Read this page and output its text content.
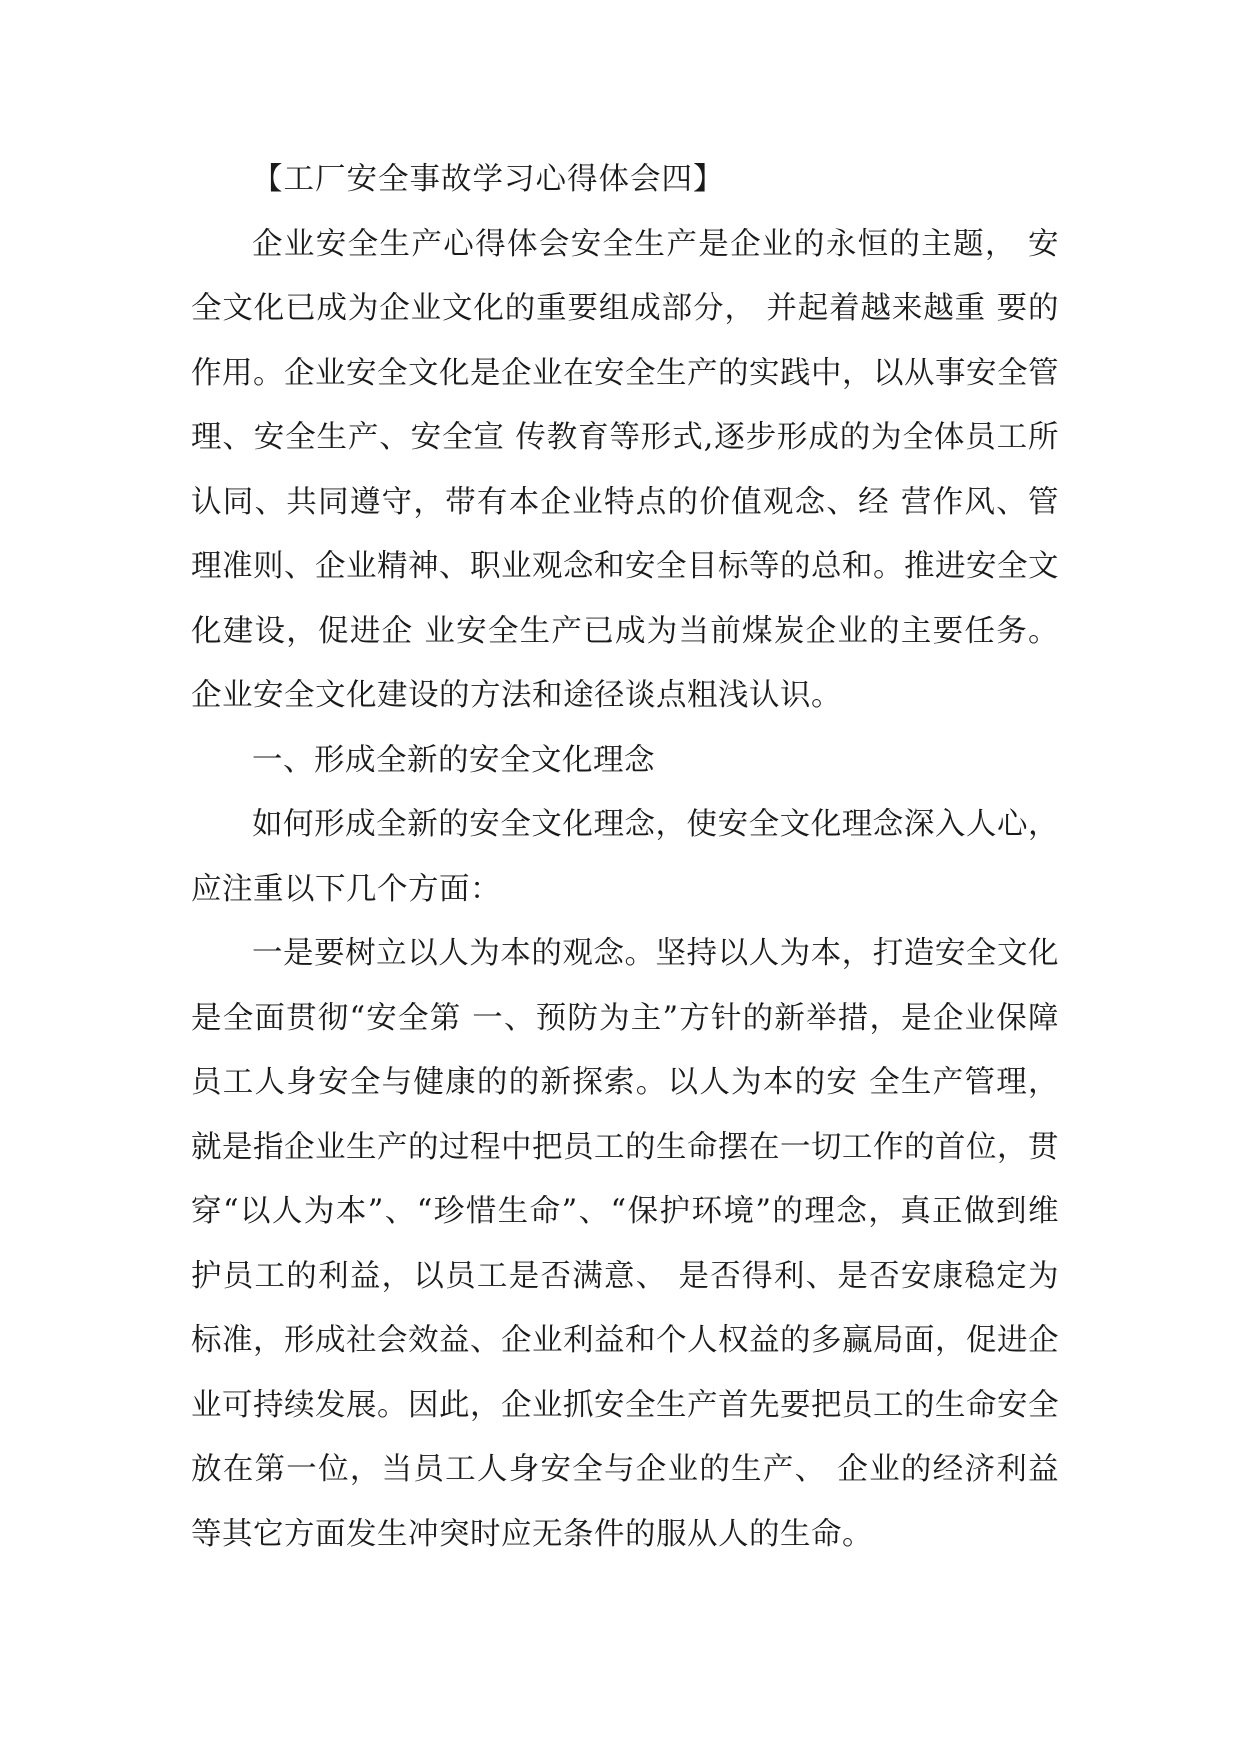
【工厂安全事故学习心得体会四】

企业安全生产心得体会安全生产是企业的永恒的主题， 安全文化已成为企业文化的重要组成部分， 并起着越来越重 要的作用。企业安全文化是企业在安全生产的实践中，以从事安全管理、安全生产、安全宣 传教育等形式,逐步形成的为全体员工所认同、共同遵守，带有本企业特点的价值观念、经 营作风、管理准则、企业精神、职业观念和安全目标等的总和。推进安全文化建设，促进企 业安全生产已成为当前煤炭企业的主要任务。企业安全文化建设的方法和途径谈点粗浅认识。

一、形成全新的安全文化理念

如何形成全新的安全文化理念，使安全文化理念深入人心，应注重以下几个方面：

一是要树立以人为本的观念。坚持以人为本，打造安全文化是全面贯彻“安全第 一、预防为主”方针的新举措，是企业保障员工人身安全与健康的的新探索。以人为本的安 全生产管理，就是指企业生产的过程中把员工的生命摆在一切工作的首位，贯穿“以人为本”、“珍惜生命”、“保护环境”的理念，真正做到维护员工的利益，以员工是否满意、 是否得利、是否安康稳定为标准，形成社会效益、企业利益和个人权益的多赢局面，促进企 业可持续发展。因此，企业抓安全生产首先要把员工的生命安全放在第一位，当员工人身安全与企业的生产、 企业的经济利益等其它方面发生冲突时应无条件的服从人的生命。
